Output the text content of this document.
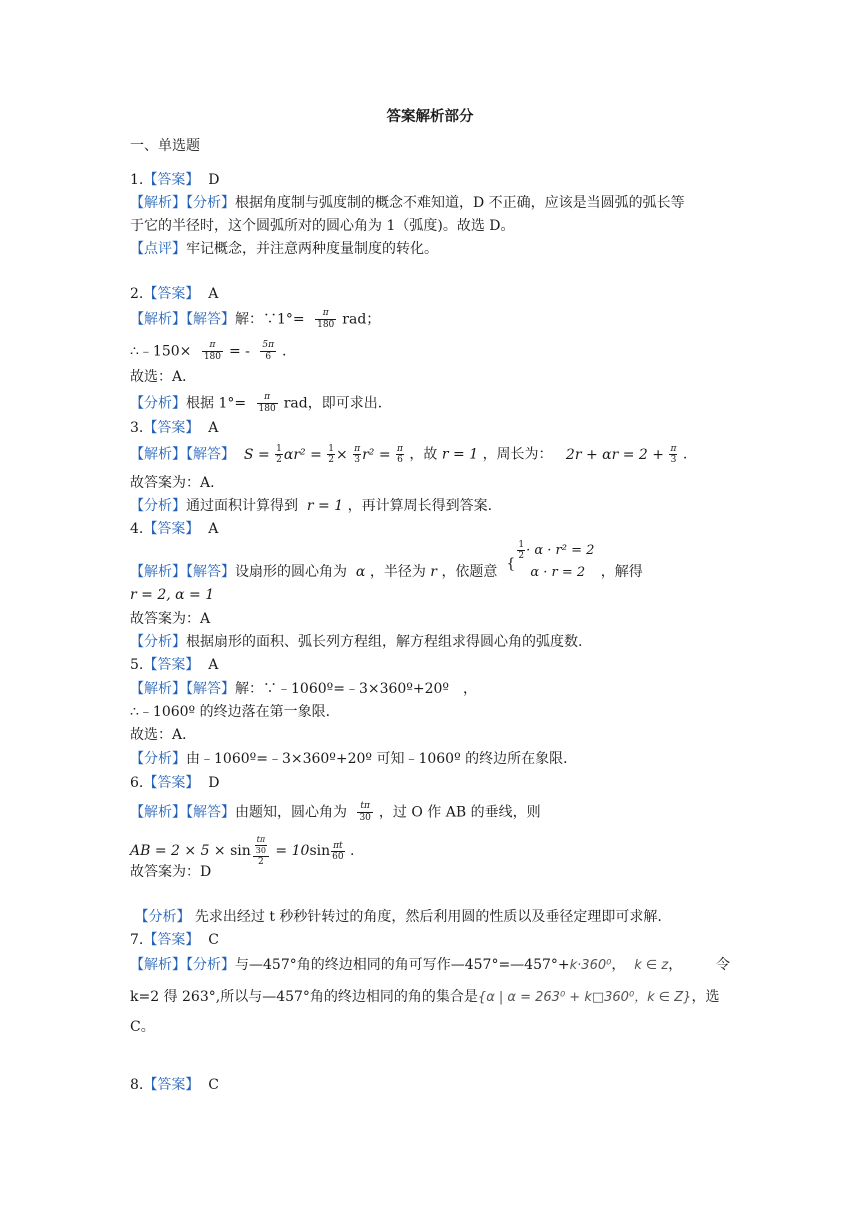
答案解析部分
一、单选题
1.【答案】 D
【解析】【分析】根据角度制与弧度制的概念不难知道，D 不正确，应该是当圆弧的弧长等
于它的半径时，这个圆弧所对的圆心角为 1（弧度)。故选 D。
【点评】牢记概念，并注意两种度量制度的转化。
2.【答案】 A
【解析】【解答】解：∵1°= $\frac{\pi}{180}$ rad；
∴﹣150× $\frac{\pi}{180}$ = - $\frac{5\pi}{6}$ .
故选：A．
【分析】根据 $1^\circ= \frac{\pi}{180}$ rad，即可求出．
3.【答案】 A
【解析】【解答】 $S = \frac{1}{2} \alpha r^2 = \frac{1}{2} \times \frac{\pi}{3} r^2 = \frac{\pi}{6}$ ，故 r = 1 ，周长为： $2r + \alpha r = 2 + \frac{\pi}{3}$ .
故答案为：A.
【分析】通过面积计算得到 r = 1 ，再计算周长得到答案.
4.【答案】 A
【解析】【解答】设扇形的圆心角为 α ，半径为 r ，依题意 {
$\frac{1}{2} \cdot \alpha \cdot r^2 = 2$
α · r = 2	，解得
r = 2, α = 1
故答案为：A
【分析】根据扇形的面积、弧长列方程组，解方程组求得圆心角的弧度数.
5.【答案】 A
【解析】【解答】解：∵﹣1060º=﹣3×360º+20º　，
∴﹣1060º 的终边落在第一象限．
故选：A．
【分析】由﹣1060º=﹣3×360º+20º 可知﹣1060º 的终边所在象限．
6.【答案】 D
【解析】【解答】由题知，圆心角为 $\frac{t\pi}{30}$ ，过 O 作 AB 的垂线，则
AB = $2 \times 5 \times \sin \frac{\frac{t\pi}{30}}{2} = 10\sin \frac{\pi t}{60}$ .
故答案为：D
【分析】 先求出经过 t 秒秒针转过的角度，然后利用圆的性质以及垂径定理即可求解.
7.【答案】 C
【解析】【分析】与—457°角的终边相同的角可写作—457°=—457°+k·360⁰，  k ∈ z， 令
k=2 得 263°,所以与—457°角的终边相同的角的集合是{α | α = 263⁰ + k□360⁰，k ∈ Z}，选
C。
8.【答案】 C
